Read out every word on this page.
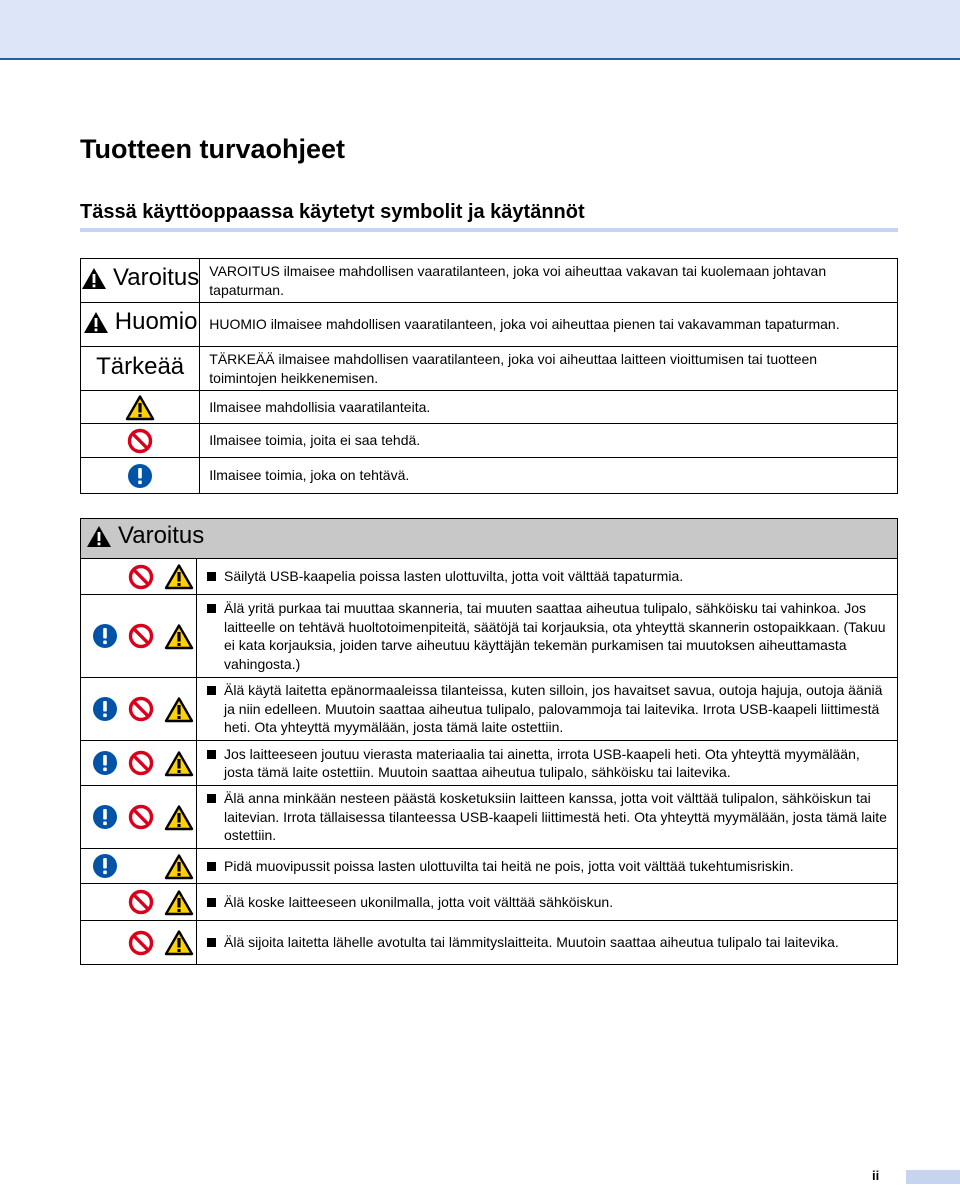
Tuotteen turvaohjeet
Tässä käyttöoppaassa käytetyt symbolit ja käytännöt
Varoitus	VAROITUS ilmaisee mahdollisen vaaratilanteen, joka voi aiheuttaa vakavan tai kuolemaan johtavan tapaturman.

Huomio	HUOMIO ilmaisee mahdollisen vaaratilanteen, joka voi aiheuttaa pienen tai vakavamman tapaturman.

Tärkeää	TÄRKEÄÄ ilmaisee mahdollisen vaaratilanteen, joka voi aiheuttaa laitteen vioittumisen tai tuotteen toimintojen heikkenemisen.

	Ilmaisee mahdollisia vaaratilanteita.

	Ilmaisee toimia, joita ei saa tehdä.

	Ilmaisee toimia, joka on tehtävä.
Varoitus	

Säilytä USB-kaapelia poissa lasten ulottuvilta, jotta voit välttää tapaturmia.

Älä yritä purkaa tai muuttaa skanneria, tai muuten saattaa aiheutua tulipalo, sähköisku tai vahinkoa. Jos laitteelle on tehtävä huoltotoimenpiteitä, säätöjä tai korjauksia, ota yhteyttä skannerin ostopaikkaan. (Takuu ei kata korjauksia, joiden tarve aiheutuu käyttäjän tekemän purkamisen tai muutoksen aiheuttamasta vahingosta.)

Älä käytä laitetta epänormaaleissa tilanteissa, kuten silloin, jos havaitset savua, outoja hajuja, outoja ääniä ja niin edelleen. Muutoin saattaa aiheutua tulipalo, palovammoja tai laitevika. Irrota USB-kaapeli liittimestä heti. Ota yhteyttä myymälään, josta tämä laite ostettiin.

Jos laitteeseen joutuu vierasta materiaalia tai ainetta, irrota USB-kaapeli heti. Ota yhteyttä myymälään, josta tämä laite ostettiin. Muutoin saattaa aiheutua tulipalo, sähköisku tai laitevika.

Älä anna minkään nesteen päästä kosketuksiin laitteen kanssa, jotta voit välttää tulipalon, sähköiskun tai laitevian. Irrota tällaisessa tilanteessa USB-kaapeli liittimestä heti. Ota yhteyttä myymälään, josta tämä laite ostettiin.

Pidä muovipussit poissa lasten ulottuvilta tai heitä ne pois, jotta voit välttää tukehtumisriskin.

Älä koske laitteeseen ukonilmalla, jotta voit välttää sähköiskun.

Älä sijoita laitetta lähelle avotulta tai lämmityslaitteita. Muutoin saattaa aiheutua tulipalo tai laitevika.

ii
